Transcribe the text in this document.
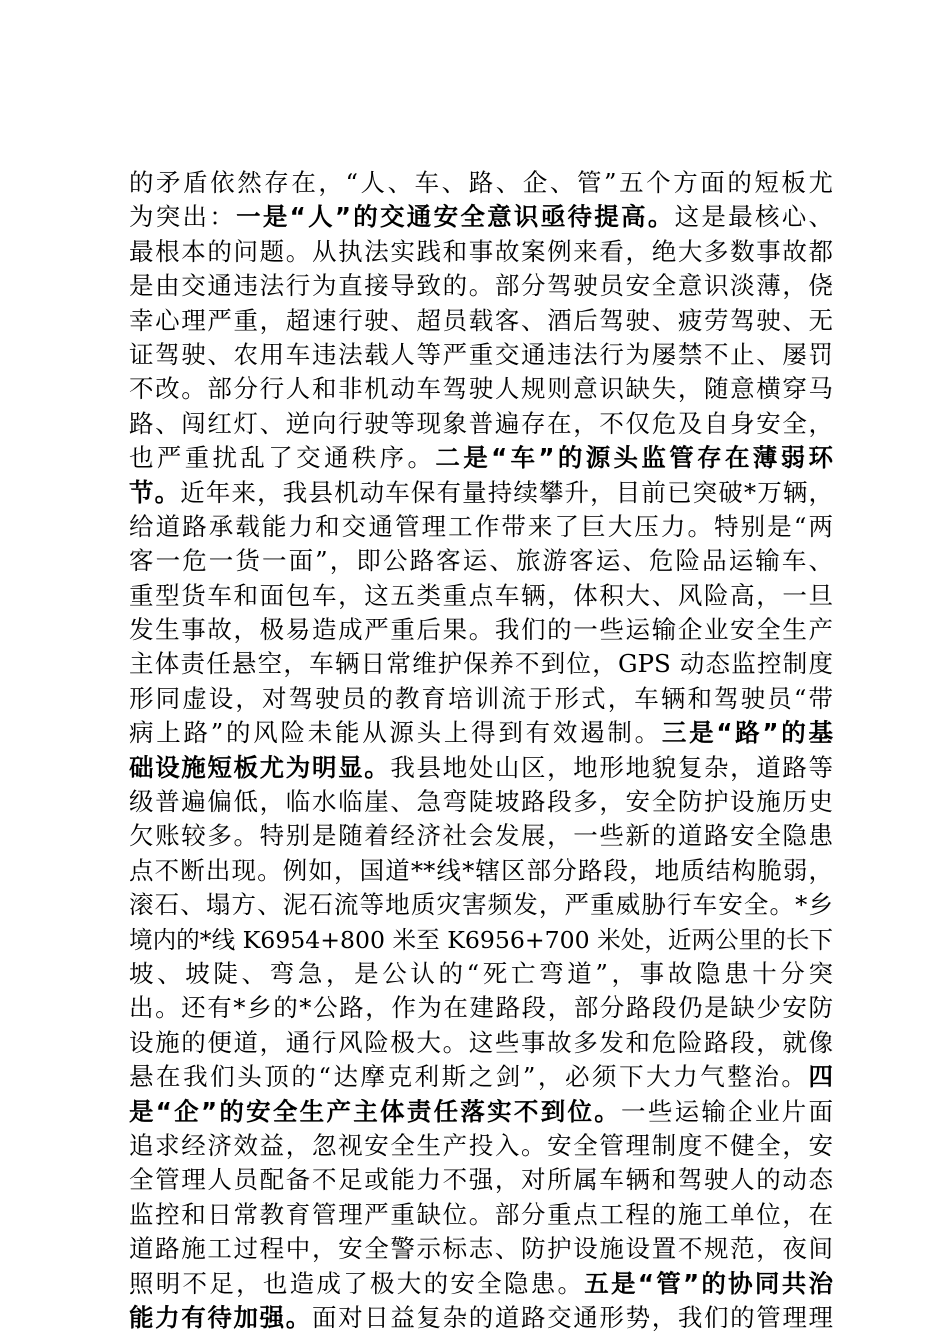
的矛盾依然存在，“人、车、路、企、管”五个方面的短板尤
为突出：一是“人”的交通安全意识亟待提高。这是最核心、
最根本的问题。从执法实践和事故案例来看，绝大多数事故都
是由交通违法行为直接导致的。部分驾驶员安全意识淡薄，侥
幸心理严重，超速行驶、超员载客、酒后驾驶、疲劳驾驶、无
证驾驶、农用车违法载人等严重交通违法行为屡禁不止、屡罚
不改。部分行人和非机动车驾驶人规则意识缺失，随意横穿马
路、闯红灯、逆向行驶等现象普遍存在，不仅危及自身安全，
也严重扰乱了交通秩序。二是“车”的源头监管存在薄弱环
节。近年来，我县机动车保有量持续攀升，目前已突破*万辆，
给道路承载能力和交通管理工作带来了巨大压力。特别是“两
客一危一货一面”，即公路客运、旅游客运、危险品运输车、
重型货车和面包车，这五类重点车辆，体积大、风险高，一旦
发生事故，极易造成严重后果。我们的一些运输企业安全生产
主体责任悬空，车辆日常维护保养不到位，GPS 动态监控制度
形同虚设，对驾驶员的教育培训流于形式，车辆和驾驶员“带
病上路”的风险未能从源头上得到有效遏制。三是“路”的基
础设施短板尤为明显。我县地处山区，地形地貌复杂，道路等
级普遍偏低，临水临崖、急弯陡坡路段多，安全防护设施历史
欠账较多。特别是随着经济社会发展，一些新的道路安全隐患
点不断出现。例如，国道**线*辖区部分路段，地质结构脆弱，
滚石、塌方、泥石流等地质灾害频发，严重威胁行车安全。*乡
境内的*线 K6954+800 米至 K6956+700 米处，近两公里的长下
坡、坡陡、弯急，是公认的“死亡弯道”，事故隐患十分突
出。还有*乡的*公路，作为在建路段，部分路段仍是缺少安防
设施的便道，通行风险极大。这些事故多发和危险路段，就像
悬在我们头顶的“达摩克利斯之剑”，必须下大力气整治。四
是“企”的安全生产主体责任落实不到位。一些运输企业片面
追求经济效益，忽视安全生产投入。安全管理制度不健全，安
全管理人员配备不足或能力不强，对所属车辆和驾驶人的动态
监控和日常教育管理严重缺位。部分重点工程的施工单位，在
道路施工过程中，安全警示标志、防护设施设置不规范，夜间
照明不足，也造成了极大的安全隐患。五是“管”的协同共治
能力有待加强。面对日益复杂的道路交通形势，我们的管理理
